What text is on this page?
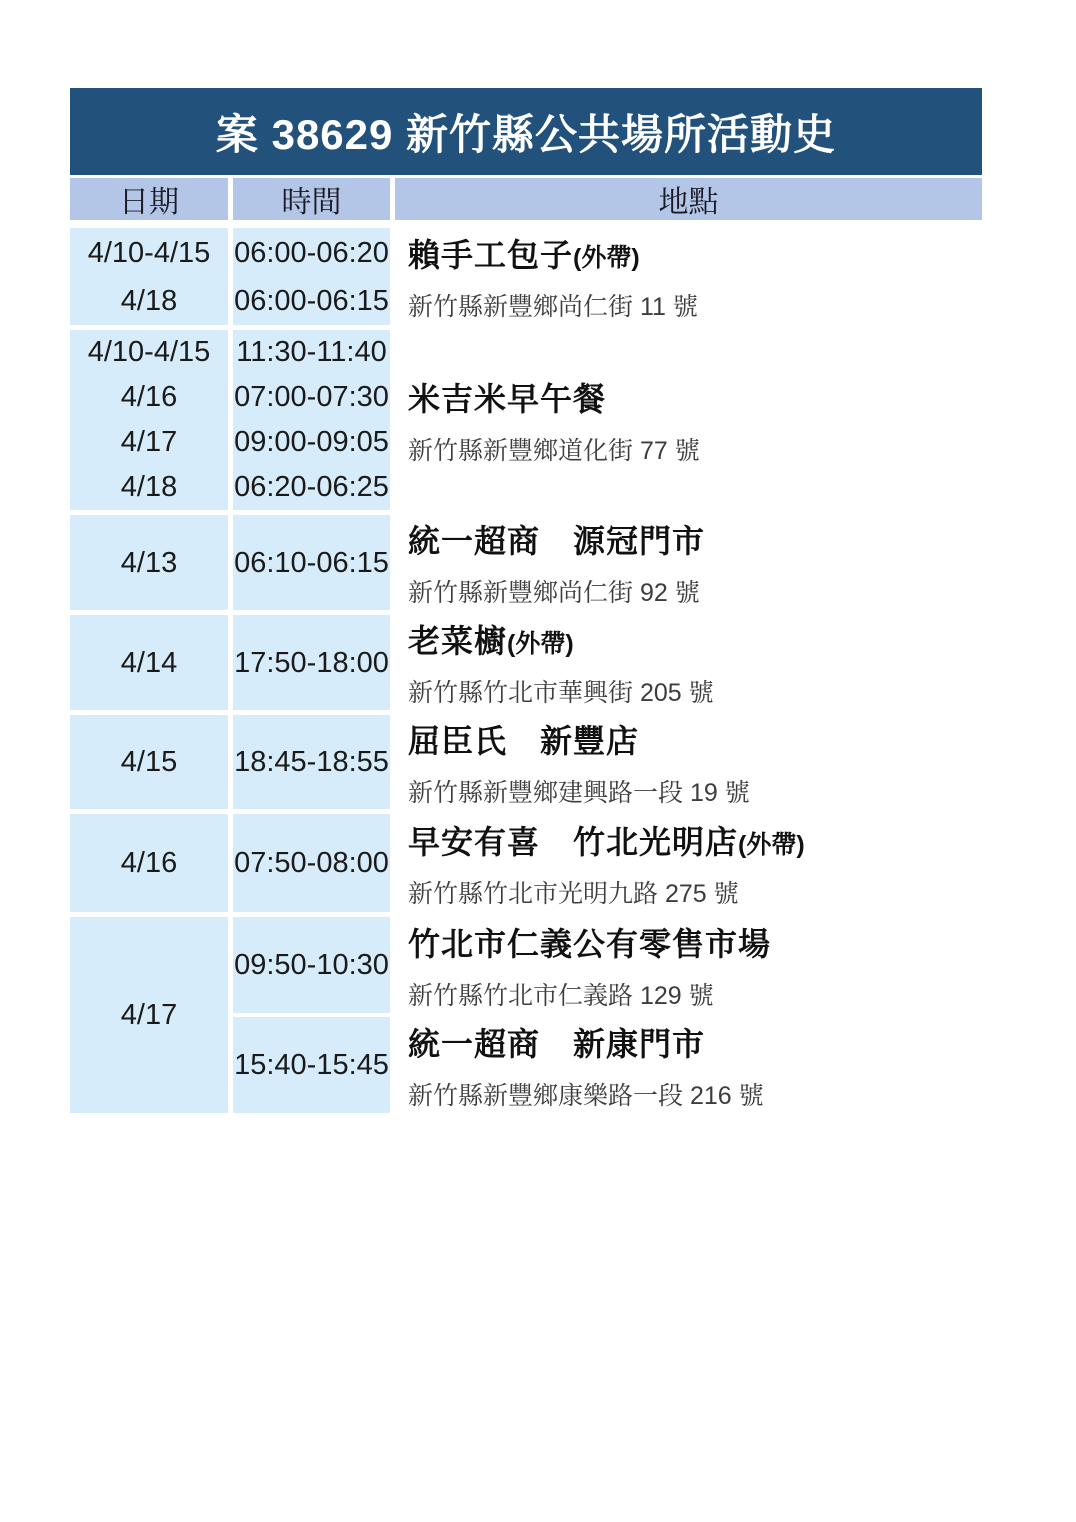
案 38629 新竹縣公共場所活動史
日期	時間	地點
4/10-4/15
4/18
06:00-06:20
06:00-06:15
賴手工包子(外帶)
新竹縣新豐鄉尚仁街 11 號
4/10-4/15
4/16
4/17
4/18
11:30-11:40
07:00-07:30
09:00-09:05
06:20-06:25
米吉米早午餐
新竹縣新豐鄉道化街 77 號
4/13 06:10-06:15
統一超商　源冠門市
新竹縣新豐鄉尚仁街 92 號
4/14 17:50-18:00
老菜櫥(外帶)
新竹縣竹北市華興街 205 號
4/15 18:45-18:55
屈臣氏　新豐店
新竹縣新豐鄉建興路一段 19 號
4/16 07:50-08:00
早安有喜　竹北光明店(外帶)
新竹縣竹北市光明九路 275 號
4/17
09:50-10:30
15:40-15:45
竹北市仁義公有零售市場
新竹縣竹北市仁義路 129 號
統一超商　新康門市
新竹縣新豐鄉康樂路一段 216 號
